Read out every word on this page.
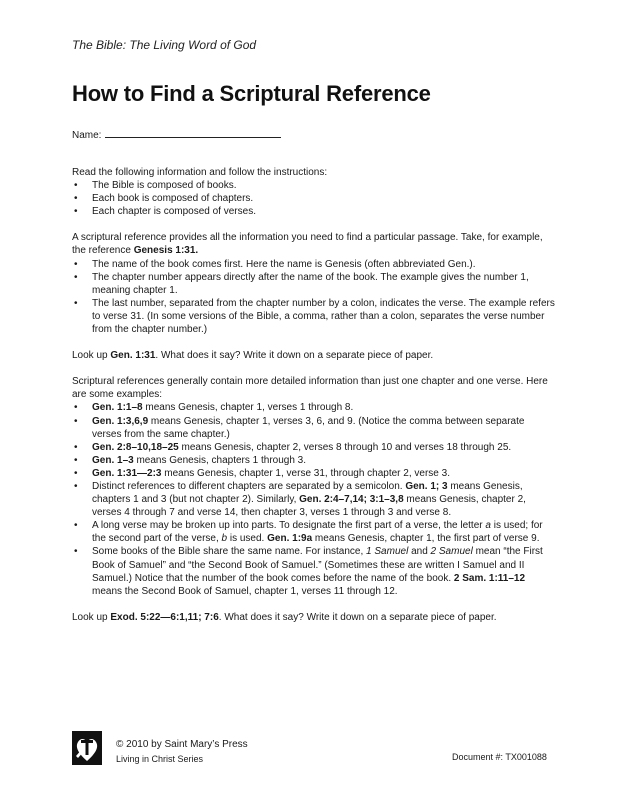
The Bible: The Living Word of God
How to Find a Scriptural Reference
Name:

Read the following information and follow the instructions:

• The Bible is composed of books.
• Each book is composed of chapters.
• Each chapter is composed of verses.

A scriptural reference provides all the information you need to find a particular passage. Take, for example, the reference Genesis 1:31.

• The name of the book comes first. Here the name is Genesis (often abbreviated Gen.).
• The chapter number appears directly after the name of the book. The example gives the number 1, meaning chapter 1.
• The last number, separated from the chapter number by a colon, indicates the verse. The example refers to verse 31. (In some versions of the Bible, a comma, rather than a colon, separates the verse number from the chapter number.)

Look up Gen. 1:31. What does it say? Write it down on a separate piece of paper.

Scriptural references generally contain more detailed information than just one chapter and one verse. Here are some examples:

• Gen. 1:1–8 means Genesis, chapter 1, verses 1 through 8.
• Gen. 1:3,6,9 means Genesis, chapter 1, verses 3, 6, and 9. (Notice the comma between separate verses from the same chapter.)
• Gen. 2:8–10,18–25 means Genesis, chapter 2, verses 8 through 10 and verses 18 through 25.
• Gen. 1–3 means Genesis, chapters 1 through 3.
• Gen. 1:31—2:3 means Genesis, chapter 1, verse 31, through chapter 2, verse 3.
• Distinct references to different chapters are separated by a semicolon. Gen. 1; 3 means Genesis, chapters 1 and 3 (but not chapter 2). Similarly, Gen. 2:4–7,14; 3:1–3,8 means Genesis, chapter 2, verses 4 through 7 and verse 14, then chapter 3, verses 1 through 3 and verse 8.
• A long verse may be broken up into parts. To designate the first part of a verse, the letter a is used; for the second part of the verse, b is used. Gen. 1:9a means Genesis, chapter 1, the first part of verse 9.
• Some books of the Bible share the same name. For instance, 1 Samuel and 2 Samuel mean “the First Book of Samuel” and “the Second Book of Samuel.” (Sometimes these are written I Samuel and II Samuel.) Notice that the number of the book comes before the name of the book. 2 Sam. 1:11–12 means the Second Book of Samuel, chapter 1, verses 11 through 12.

Look up Exod. 5:22—6:1,11; 7:6. What does it say? Write it down on a separate piece of paper.

© 2010 by Saint Mary’s Press
Living in Christ Series	Document #: TX001088
